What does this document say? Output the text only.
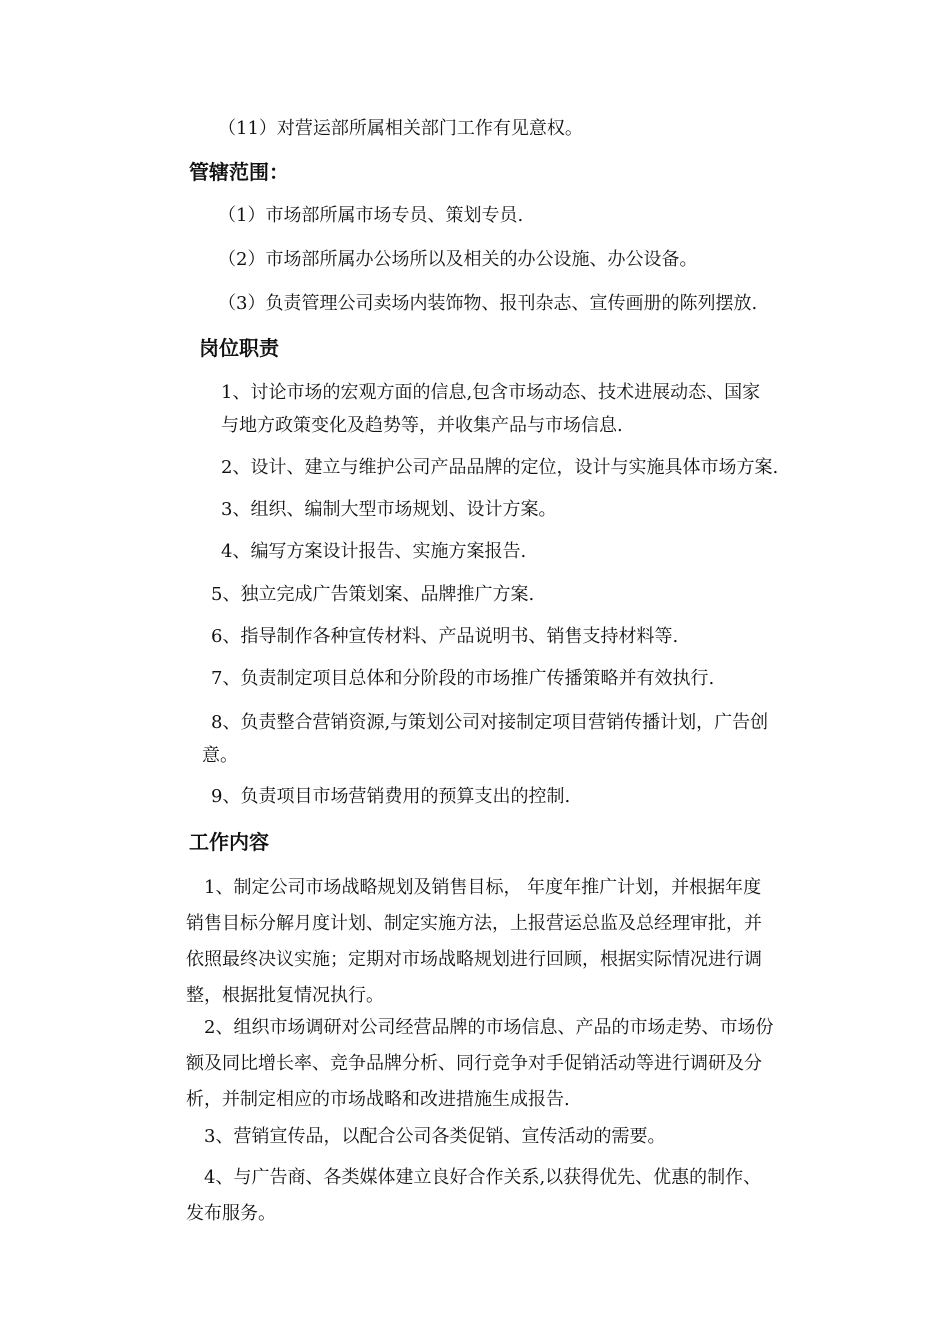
（11）对营运部所属相关部门工作有见意权。

管辖范围：

（1）市场部所属市场专员、策划专员.

（2）市场部所属办公场所以及相关的办公设施、办公设备。

（3）负责管理公司卖场内装饰物、报刊杂志、宣传画册的陈列摆放.

岗位职责
1、讨论市场的宏观方面的信息,包含市场动态、技术进展动态、国家
与地方政策变化及趋势等，并收集产品与市场信息.

2、设计、建立与维护公司产品品牌的定位，设计与实施具体市场方案.

3、组织、编制大型市场规划、设计方案。

4、编写方案设计报告、实施方案报告.

5、独立完成广告策划案、品牌推广方案.

6、指导制作各种宣传材料、产品说明书、销售支持材料等.

7、负责制定项目总体和分阶段的市场推广传播策略并有效执行.

8、负责整合营销资源,与策划公司对接制定项目营销传播计划，广告创
意。

9、负责项目市场营销费用的预算支出的控制.

工作内容
1、制定公司市场战略规划及销售目标， 年度年推广计划，并根据年度
销售目标分解月度计划、制定实施方法，上报营运总监及总经理审批，并
依照最终决议实施；定期对市场战略规划进行回顾，根据实际情况进行调
整，根据批复情况执行。
2、组织市场调研对公司经营品牌的市场信息、产品的市场走势、市场份
额及同比增长率、竞争品牌分析、同行竞争对手促销活动等进行调研及分
析，并制定相应的市场战略和改进措施生成报告.

3、营销宣传品，以配合公司各类促销、宣传活动的需要。

4、与广告商、各类媒体建立良好合作关系,以获得优先、优惠的制作、
发布服务。
